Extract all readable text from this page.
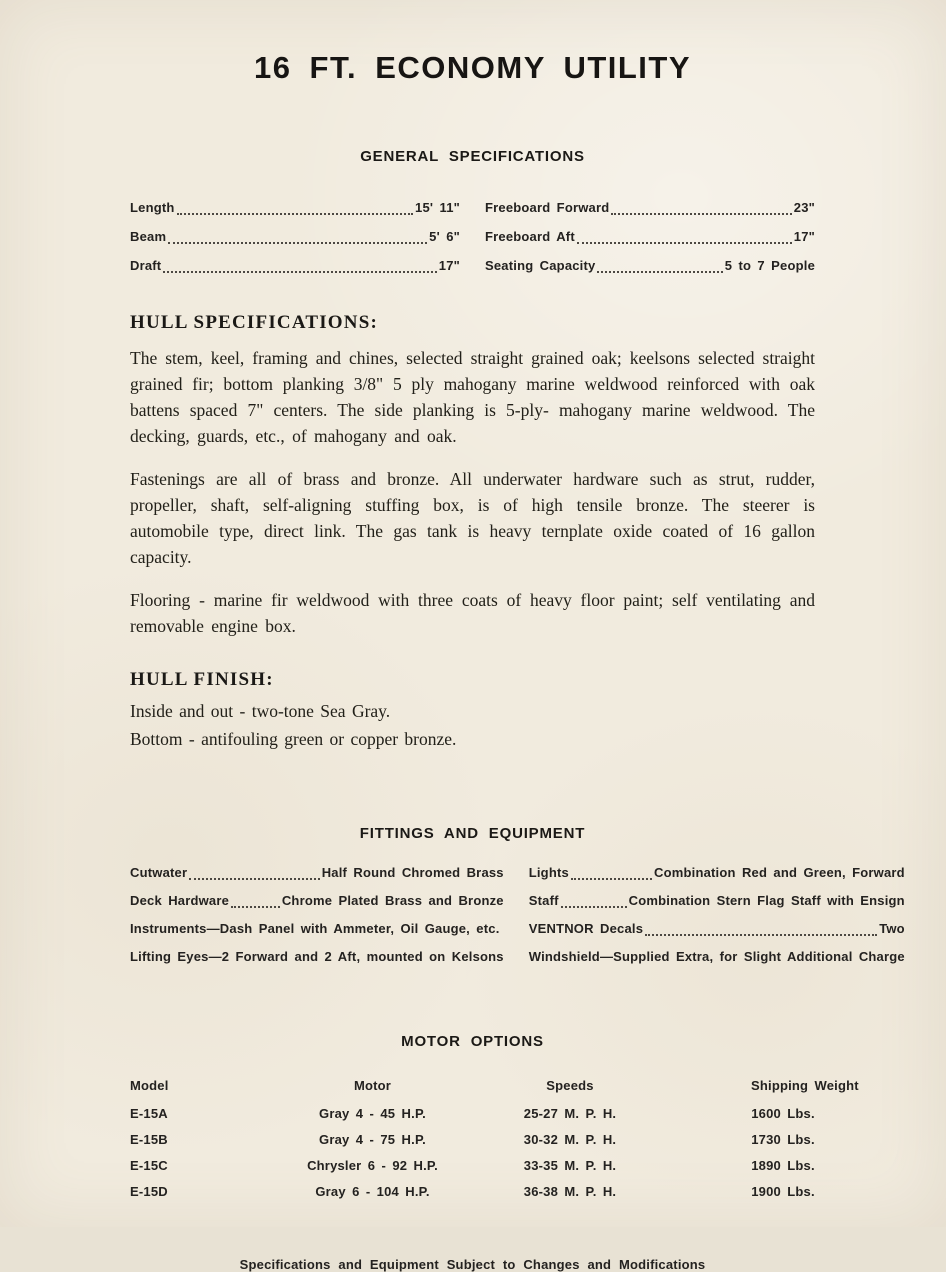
16 FT. ECONOMY UTILITY
GENERAL SPECIFICATIONS
Length	15' 11"
Beam	5' 6"
Draft	17"
Freeboard Forward	23"
Freeboard Aft	17"
Seating Capacity	5 to 7 People
HULL SPECIFICATIONS:

The stem, keel, framing and chines, selected straight grained oak; keelsons selected straight grained fir; bottom planking 3/8" 5 ply mahogany marine weldwood reinforced with oak battens spaced 7" centers. The side planking is 5-ply- mahogany marine weldwood. The decking, guards, etc., of mahogany and oak.

Fastenings are all of brass and bronze. All underwater hardware such as strut, rudder, propeller, shaft, self-aligning stuffing box, is of high tensile bronze. The steerer is automobile type, direct link. The gas tank is heavy ternplate oxide coated of 16 gallon capacity.

Flooring - marine fir weldwood with three coats of heavy floor paint; self ventilating and removable engine box.

HULL FINISH:
Inside and out - two-tone Sea Gray.
Bottom - antifouling green or copper bronze.
FITTINGS AND EQUIPMENT
Cutwater	Half Round Chromed Brass
Deck Hardware	Chrome Plated Brass and Bronze
Instruments—Dash Panel with Ammeter, Oil Gauge, etc.
Lifting Eyes—2 Forward and 2 Aft, mounted on Kelsons
Lights	Combination Red and Green, Forward
Staff	Combination Stern Flag Staff with Ensign
VENTNOR Decals	Two
Windshield—Supplied Extra, for Slight Additional Charge
MOTOR OPTIONS
Model	Motor	Speeds	Shipping Weight
E-15A	Gray 4 - 45 H.P.	25-27 M. P. H.	1600 Lbs.
E-15B	Gray 4 - 75 H.P.	30-32 M. P. H.	1730 Lbs.
E-15C	Chrysler 6 - 92 H.P.	33-35 M. P. H.	1890 Lbs.
E-15D	Gray 6 - 104 H.P.	36-38 M. P. H.	1900 Lbs.
Specifications and Equipment Subject to Changes and Modifications
